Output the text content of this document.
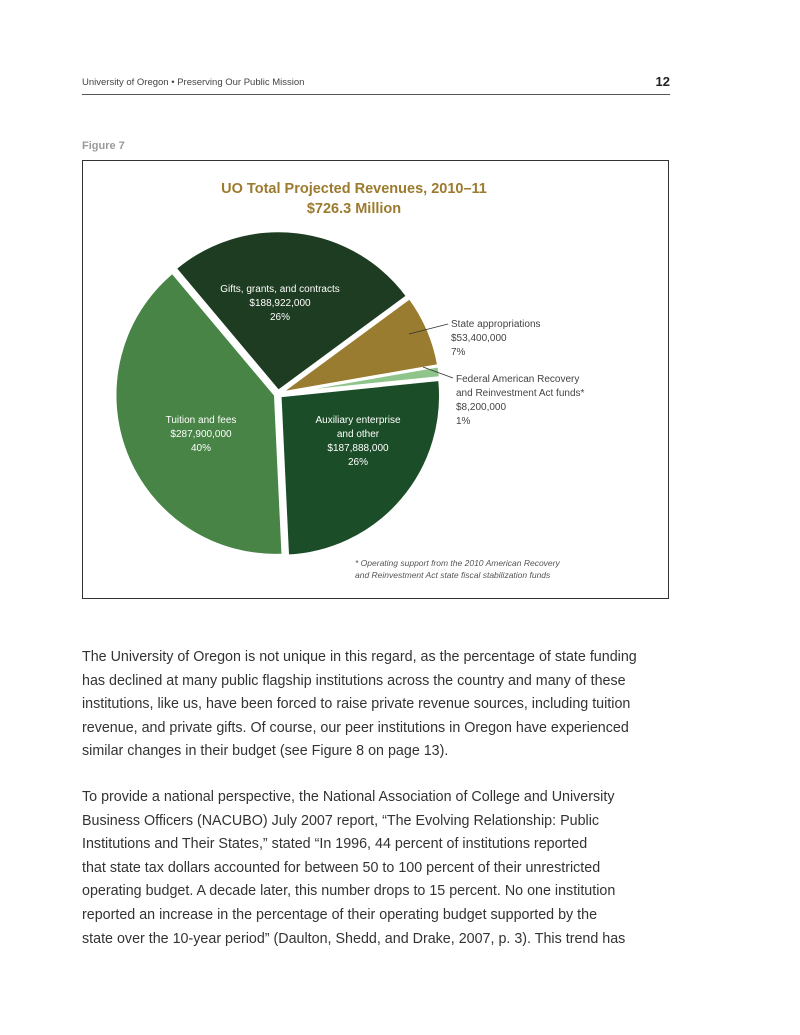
University of Oregon • Preserving Our Public Mission	12
Figure 7
UO Total Projected Revenues, 2010–11
$726.3 Million
Gifts, grants, and contracts
$188,922,000
26%
Auxiliary enterprise
and other
$187,888,000
26%
Tuition and fees
$287,900,000
40%
State appropriations
$53,400,000
7%
Federal American Recovery
and Reinvestment Act funds*
$8,200,000
1%
* Operating support from the 2010 American Recovery
and Reinvestment Act state fiscal stabilization funds
The University of Oregon is not unique in this regard, as the percentage of state funding
has declined at many public flagship institutions across the country and many of these
institutions, like us, have been forced to raise private revenue sources, including tuition
revenue, and private gifts. Of course, our peer institutions in Oregon have experienced
similar changes in their budget (see Figure 8 on page 13).
To provide a national perspective, the National Association of College and University
Business Officers (NACUBO) July 2007 report, “The Evolving Relationship: Public
Institutions and Their States,” stated “In 1996, 44 percent of institutions reported
that state tax dollars accounted for between 50 to 100 percent of their unrestricted
operating budget. A decade later, this number drops to 15 percent. No one institution
reported an increase in the percentage of their operating budget supported by the
state over the 10-year period” (Daulton, Shedd, and Drake, 2007, p. 3). This trend has
